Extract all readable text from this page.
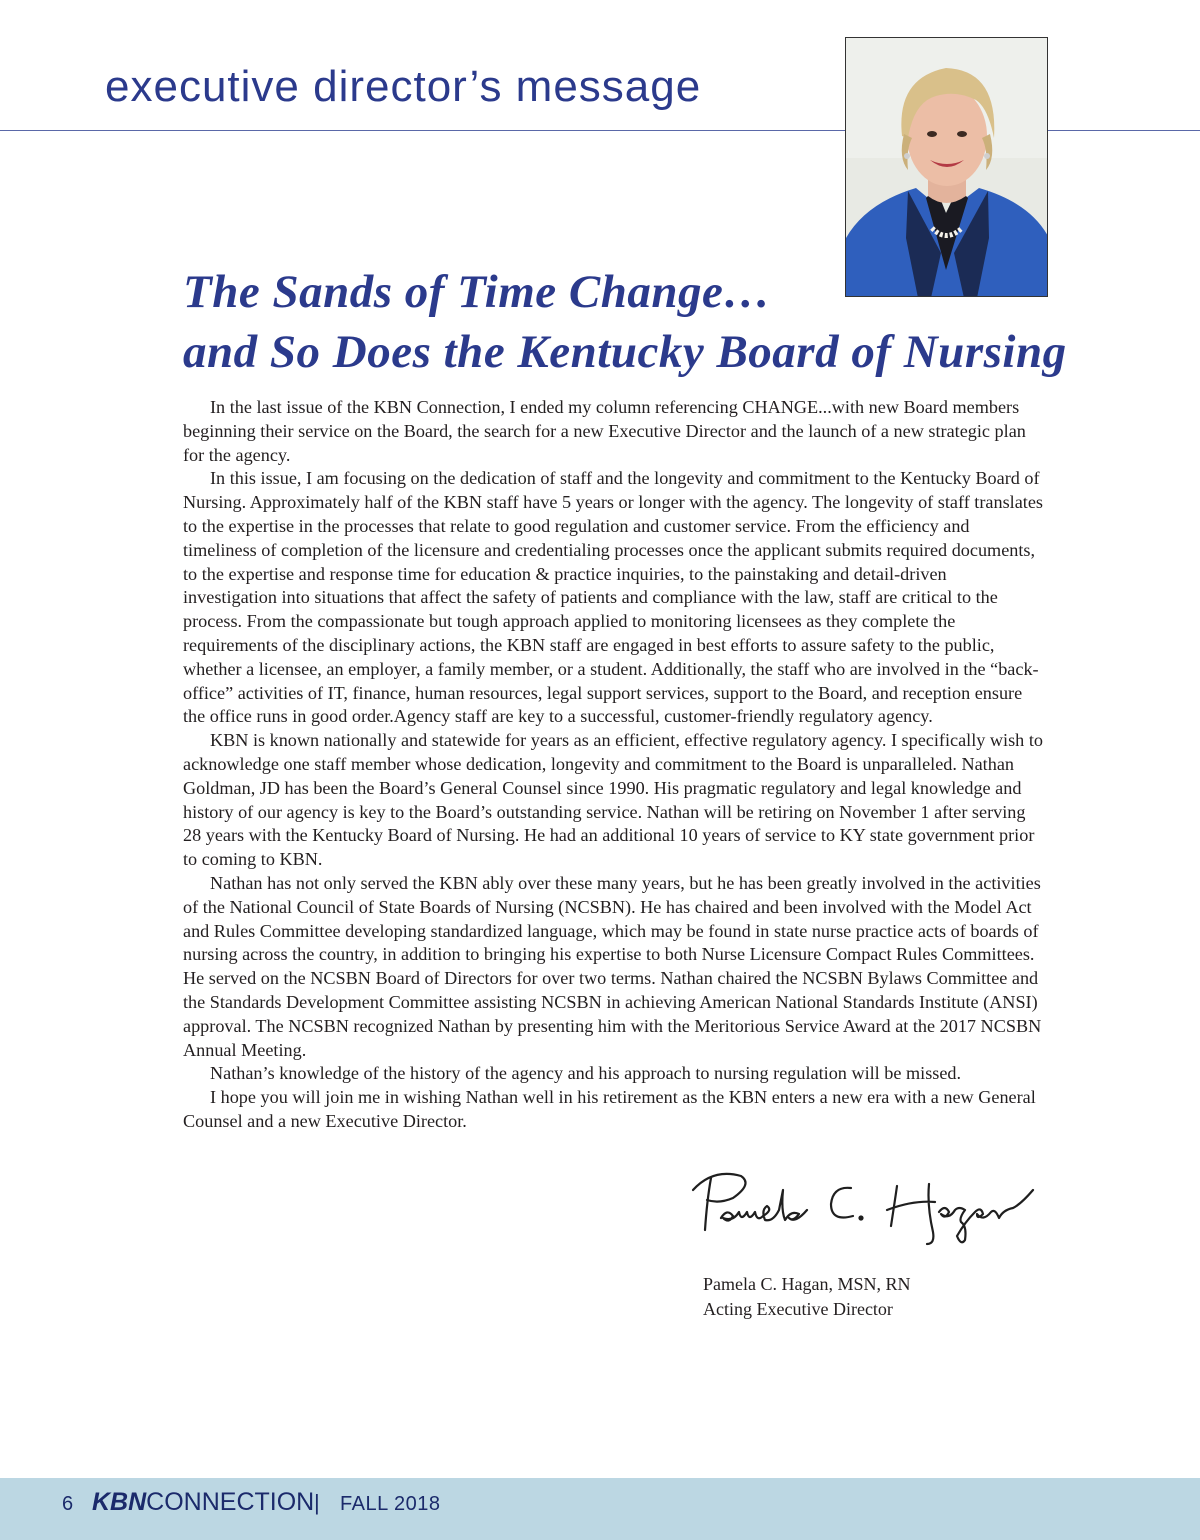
executive director’s message
The Sands of Time Change…
and So Does the Kentucky Board of Nursing

In the last issue of the KBN Connection, I ended my column referencing CHANGE...with new Board members beginning their service on the Board, the search for a new Executive Director and the launch of a new strategic plan for the agency.

In this issue, I am focusing on the dedication of staff and the longevity and commitment to the Kentucky Board of Nursing. Approximately half of the KBN staff have 5 years or longer with the agency. The longevity of staff translates to the expertise in the processes that relate to good regulation and customer service. From the efficiency and timeliness of completion of the licensure and credentialing processes once the applicant submits required documents, to the expertise and response time for education & practice inquiries, to the painstaking and detail-driven investigation into situations that affect the safety of patients and compliance with the law, staff are critical to the process. From the compassionate but tough approach applied to monitoring licensees as they complete the requirements of the disciplinary actions, the KBN staff are engaged in best efforts to assure safety to the public, whether a licensee, an employer, a family member, or a student. Additionally, the staff who are involved in the “back-office” activities of IT, finance, human resources, legal support services, support to the Board, and reception ensure the office runs in good order.Agency staff are key to a successful, customer-friendly regulatory agency.

KBN is known nationally and statewide for years as an efficient, effective regulatory agency. I specifically wish to acknowledge one staff member whose dedication, longevity and commitment to the Board is unparalleled. Nathan Goldman, JD has been the Board’s General Counsel since 1990. His pragmatic regulatory and legal knowledge and history of our agency is key to the Board’s outstanding service. Nathan will be retiring on November 1 after serving 28 years with the Kentucky Board of Nursing. He had an additional 10 years of service to KY state government prior to coming to KBN.

Nathan has not only served the KBN ably over these many years, but he has been greatly involved in the activities of the National Council of State Boards of Nursing (NCSBN). He has chaired and been involved with the Model Act and Rules Committee developing standardized language, which may be found in state nurse practice acts of boards of nursing across the country, in addition to bringing his expertise to both Nurse Licensure Compact Rules Committees. He served on the NCSBN Board of Directors for over two terms. Nathan chaired the NCSBN Bylaws Committee and the Standards Development Committee assisting NCSBN in achieving American National Standards Institute (ANSI) approval. The NCSBN recognized Nathan by presenting him with the Meritorious Service Award at the 2017 NCSBN Annual Meeting.

Nathan’s knowledge of the history of the agency and his approach to nursing regulation will be missed.

I hope you will join me in wishing Nathan well in his retirement as the KBN enters a new era with a new General Counsel and a new Executive Director.

Pamela C. Hagan, MSN, RN
Acting Executive Director
6 KBNCONNECTION | FALL 2018
